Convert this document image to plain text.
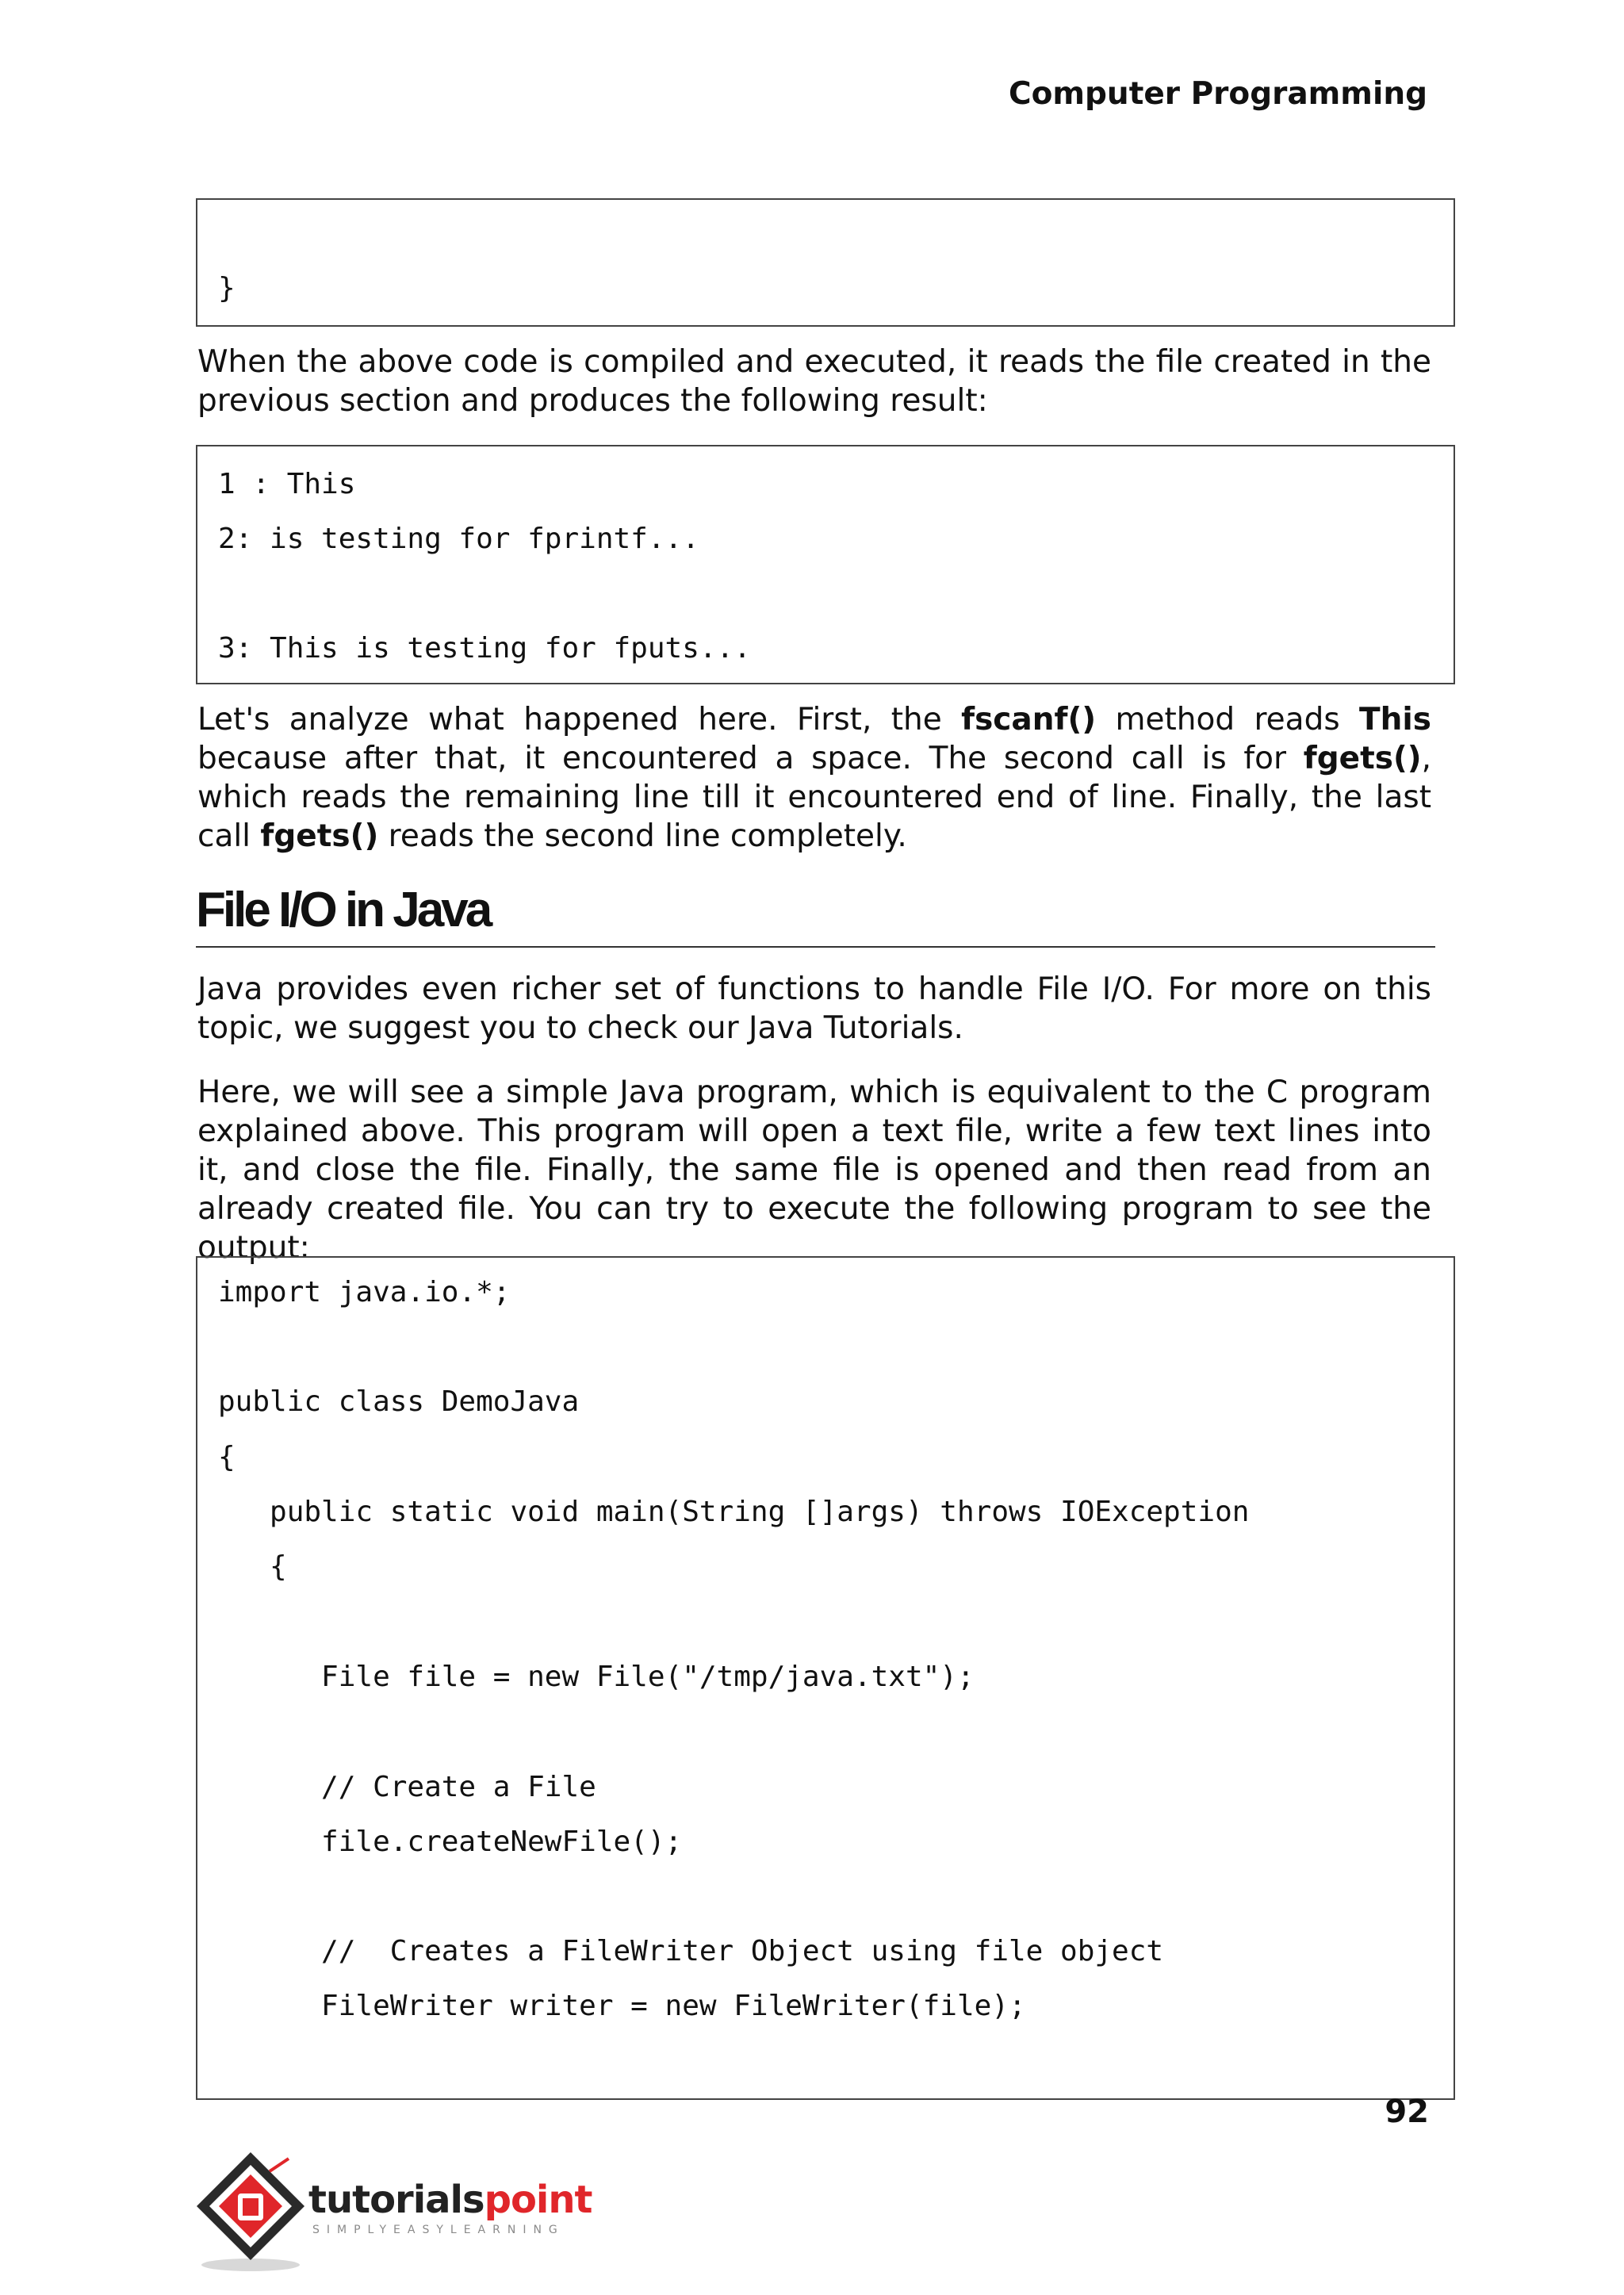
Computer Programming
}

When the above code is compiled and executed, it reads the file created in the previous section and produces the following result:

1 : This
2: is testing for fprintf...
3: This is testing for fputs...

Let's analyze what happened here. First, the fscanf() method reads This because after that, it encountered a space. The second call is for fgets(), which reads the remaining line till it encountered end of line. Finally, the last call fgets() reads the second line completely.

File I/O in Java

Java provides even richer set of functions to handle File I/O. For more on this topic, we suggest you to check our Java Tutorials.

Here, we will see a simple Java program, which is equivalent to the C program explained above. This program will open a text file, write a few text lines into it, and close the file. Finally, the same file is opened and then read from an already created file. You can try to execute the following program to see the output:

import java.io.*;
public class DemoJava
{
public static void main(String []args) throws IOException
{
File file = new File("/tmp/java.txt");
// Create a File
file.createNewFile();
//  Creates a FileWriter Object using file object
FileWriter writer = new FileWriter(file);
92
tutorialspoint
SIMPLYEASYLEARNING
